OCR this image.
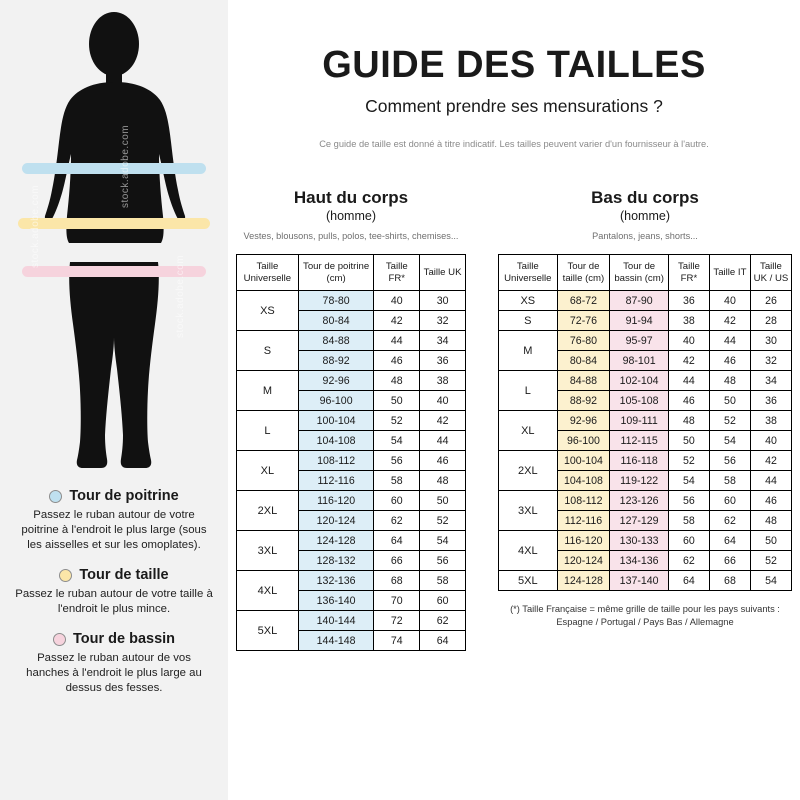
stock.adobe.com
stock.adobe.com
stock.adobe.com
Tour de poitrine
Passez le ruban autour de votre poitrine à l'endroit le plus large (sous les aisselles et sur les omoplates).
Tour de taille
Passez le ruban autour de votre taille à l'endroit le plus mince.
Tour de bassin
Passez le ruban autour de vos hanches à l'endroit le plus large au dessus des fesses.
GUIDE DES TAILLES
Comment prendre ses mensurations ?
Ce guide de taille est donné à titre indicatif. Les tailles peuvent varier d'un fournisseur à l'autre.
Haut du corps
(homme)
Vestes, blousons, pulls, polos, tee-shirts, chemises...
Taille Universelle	Tour de poitrine (cm)	Taille FR*	Taille UK
XS	78-80	40	30
	80-84	42	32
S	84-88	44	34
	88-92	46	36
M	92-96	48	38
	96-100	50	40
L	100-104	52	42
	104-108	54	44
XL	108-112	56	46
	112-116	58	48
2XL	116-120	60	50
	120-124	62	52
3XL	124-128	64	54
	128-132	66	56
4XL	132-136	68	58
	136-140	70	60
5XL	140-144	72	62
	144-148	74	64
Bas du corps
(homme)
Pantalons, jeans, shorts...
Taille Universelle	Tour de taille (cm)	Tour de bassin (cm)	Taille FR*	Taille IT	Taille UK / US
XS	68-72	87-90	36	40	26
S	72-76	91-94	38	42	28
M	76-80	95-97	40	44	30
	80-84	98-101	42	46	32
L	84-88	102-104	44	48	34
	88-92	105-108	46	50	36
XL	92-96	109-111	48	52	38
	96-100	112-115	50	54	40
2XL	100-104	116-118	52	56	42
	104-108	119-122	54	58	44
3XL	108-112	123-126	56	60	46
	112-116	127-129	58	62	48
4XL	116-120	130-133	60	64	50
	120-124	134-136	62	66	52
5XL	124-128	137-140	64	68	54
(*) Taille Française = même grille de taille pour les pays suivants : Espagne / Portugal / Pays Bas / Allemagne
